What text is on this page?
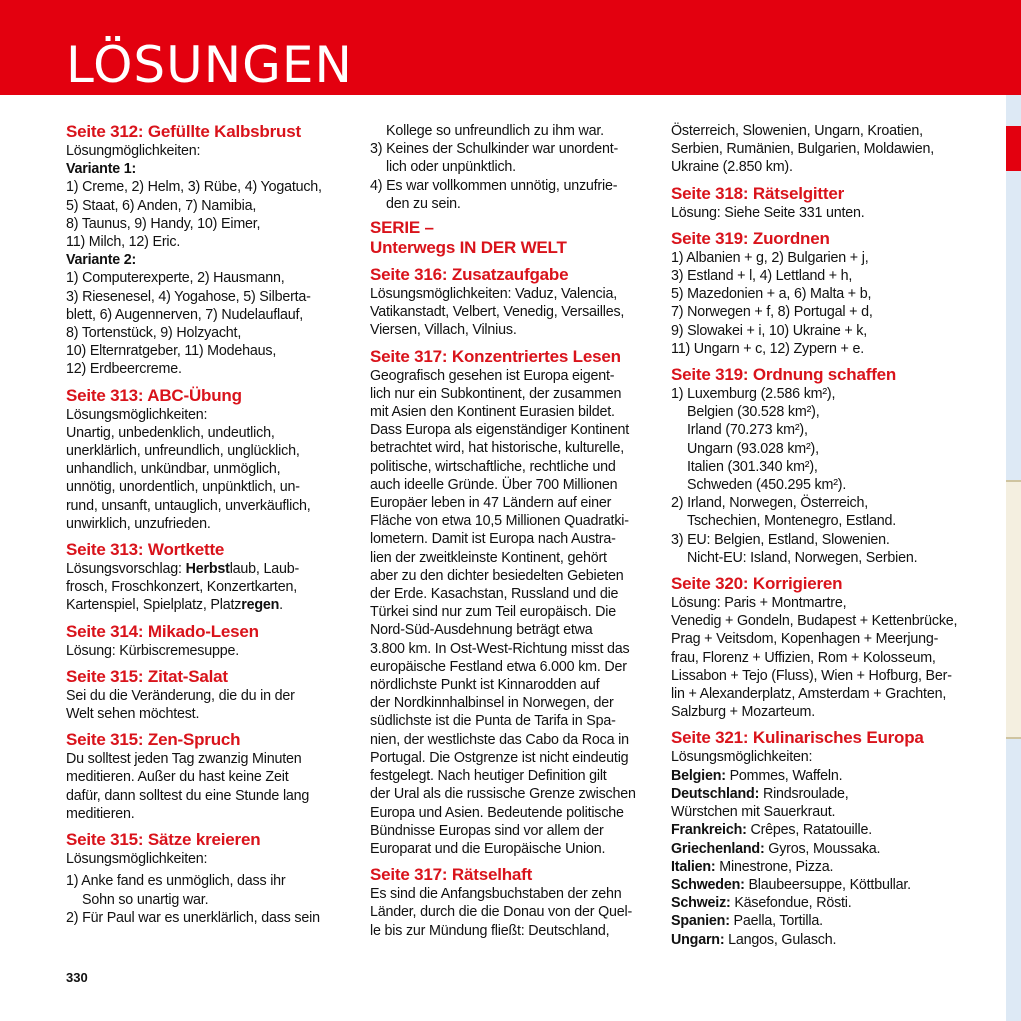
LÖSUNGEN
Seite 312: Gefüllte Kalbsbrust
Lösungmöglichkeiten:
Variante 1:
1) Creme, 2) Helm, 3) Rübe, 4) Yogatuch,
5) Staat, 6) Anden, 7) Namibia,
8) Taunus, 9) Handy, 10) Eimer,
11) Milch, 12) Eric.
Variante 2:
1) Computerexperte, 2) Hausmann,
3) Riesenesel, 4) Yogahose, 5) Silberta-
blett, 6) Augennerven, 7) Nudelauflauf,
8) Tortenstück, 9) Holzyacht,
10) Elternratgeber, 11) Modehaus,
12) Erdbeercreme.
Seite 313: ABC-Übung
Lösungsmöglichkeiten:
Unartig, unbedenklich, undeutlich,
unerklärlich, unfreundlich, unglücklich,
unhandlich, unkündbar, unmöglich,
unnötig, unordentlich, unpünktlich, un-
rund, unsanft, untauglich, unverkäuflich,
unwirklich, unzufrieden.
Seite 313: Wortkette
Lösungsvorschlag: Herbstlaub, Laub-
frosch, Froschkonzert, Konzertkarten,
Kartenspiel, Spielplatz, Platzregen.
Seite 314: Mikado-Lesen
Lösung: Kürbiscremesuppe.
Seite 315: Zitat-Salat
Sei du die Veränderung, die du in der
Welt sehen möchtest.
Seite 315: Zen-Spruch
Du solltest jeden Tag zwanzig Minuten
meditieren. Außer du hast keine Zeit
dafür, dann solltest du eine Stunde lang
meditieren.
Seite 315: Sätze kreieren
Lösungsmöglichkeiten:
1) Anke fand es unmöglich, dass ihr
Sohn so unartig war.
2) Für Paul war es unerklärlich, dass sein
Kollege so unfreundlich zu ihm war.
3) Keines der Schulkinder war unordent-
lich oder unpünktlich.
4) Es war vollkommen unnötig, unzufrie-
den zu sein.
SERIE –
Unterwegs IN DER WELT
Seite 316: Zusatzaufgabe
Lösungsmöglichkeiten: Vaduz, Valencia,
Vatikanstadt, Velbert, Venedig, Versailles,
Viersen, Villach, Vilnius.
Seite 317: Konzentriertes Lesen
Geografisch gesehen ist Europa eigent-
lich nur ein Subkontinent, der zusammen
mit Asien den Kontinent Eurasien bildet.
Dass Europa als eigenständiger Kontinent
betrachtet wird, hat historische, kulturelle,
politische, wirtschaftliche, rechtliche und
auch ideelle Gründe. Über 700 Millionen
Europäer leben in 47 Ländern auf einer
Fläche von etwa 10,5 Millionen Quadratki-
lometern. Damit ist Europa nach Austra-
lien der zweitkleinste Kontinent, gehört
aber zu den dichter besiedelten Gebieten
der Erde. Kasachstan, Russland und die
Türkei sind nur zum Teil europäisch. Die
Nord-Süd-Ausdehnung beträgt etwa
3.800 km. In Ost-West-Richtung misst das
europäische Festland etwa 6.000 km. Der
nördlichste Punkt ist Kinnarodden auf
der Nordkinnhalbinsel in Norwegen, der
südlichste ist die Punta de Tarifa in Spa-
nien, der westlichste das Cabo da Roca in
Portugal. Die Ostgrenze ist nicht eindeutig
festgelegt. Nach heutiger Definition gilt
der Ural als die russische Grenze zwischen
Europa und Asien. Bedeutende politische
Bündnisse Europas sind vor allem der
Europarat und die Europäische Union.
Seite 317: Rätselhaft
Es sind die Anfangsbuchstaben der zehn
Länder, durch die die Donau von der Quel-
le bis zur Mündung fließt: Deutschland,
Österreich, Slowenien, Ungarn, Kroatien,
Serbien, Rumänien, Bulgarien, Moldawien,
Ukraine (2.850 km).
Seite 318: Rätselgitter
Lösung: Siehe Seite 331 unten.
Seite 319: Zuordnen
1) Albanien + g, 2) Bulgarien + j,
3) Estland + l, 4) Lettland + h,
5) Mazedonien + a, 6) Malta + b,
7) Norwegen + f, 8) Portugal + d,
9) Slowakei + i, 10) Ukraine + k,
11) Ungarn + c, 12) Zypern + e.
Seite 319: Ordnung schaffen
1) Luxemburg (2.586 km²),
Belgien (30.528 km²),
Irland (70.273 km²),
Ungarn (93.028 km²),
Italien (301.340 km²),
Schweden (450.295 km²).
2) Irland, Norwegen, Österreich,
Tschechien, Montenegro, Estland.
3) EU: Belgien, Estland, Slowenien.
Nicht-EU: Island, Norwegen, Serbien.
Seite 320: Korrigieren
Lösung: Paris + Montmartre,
Venedig + Gondeln, Budapest + Kettenbrücke,
Prag + Veitsdom, Kopenhagen + Meerjung-
frau, Florenz + Uffizien, Rom + Kolosseum,
Lissabon + Tejo (Fluss), Wien + Hofburg, Ber-
lin + Alexanderplatz, Amsterdam + Grachten,
Salzburg + Mozarteum.
Seite 321: Kulinarisches Europa
Lösungsmöglichkeiten:
Belgien: Pommes, Waffeln.
Deutschland: Rindsroulade,
Würstchen mit Sauerkraut.
Frankreich: Crêpes, Ratatouille.
Griechenland: Gyros, Moussaka.
Italien: Minestrone, Pizza.
Schweden: Blaubeersuppe, Köttbullar.
Schweiz: Käsefondue, Rösti.
Spanien: Paella, Tortilla.
Ungarn: Langos, Gulasch.
330
